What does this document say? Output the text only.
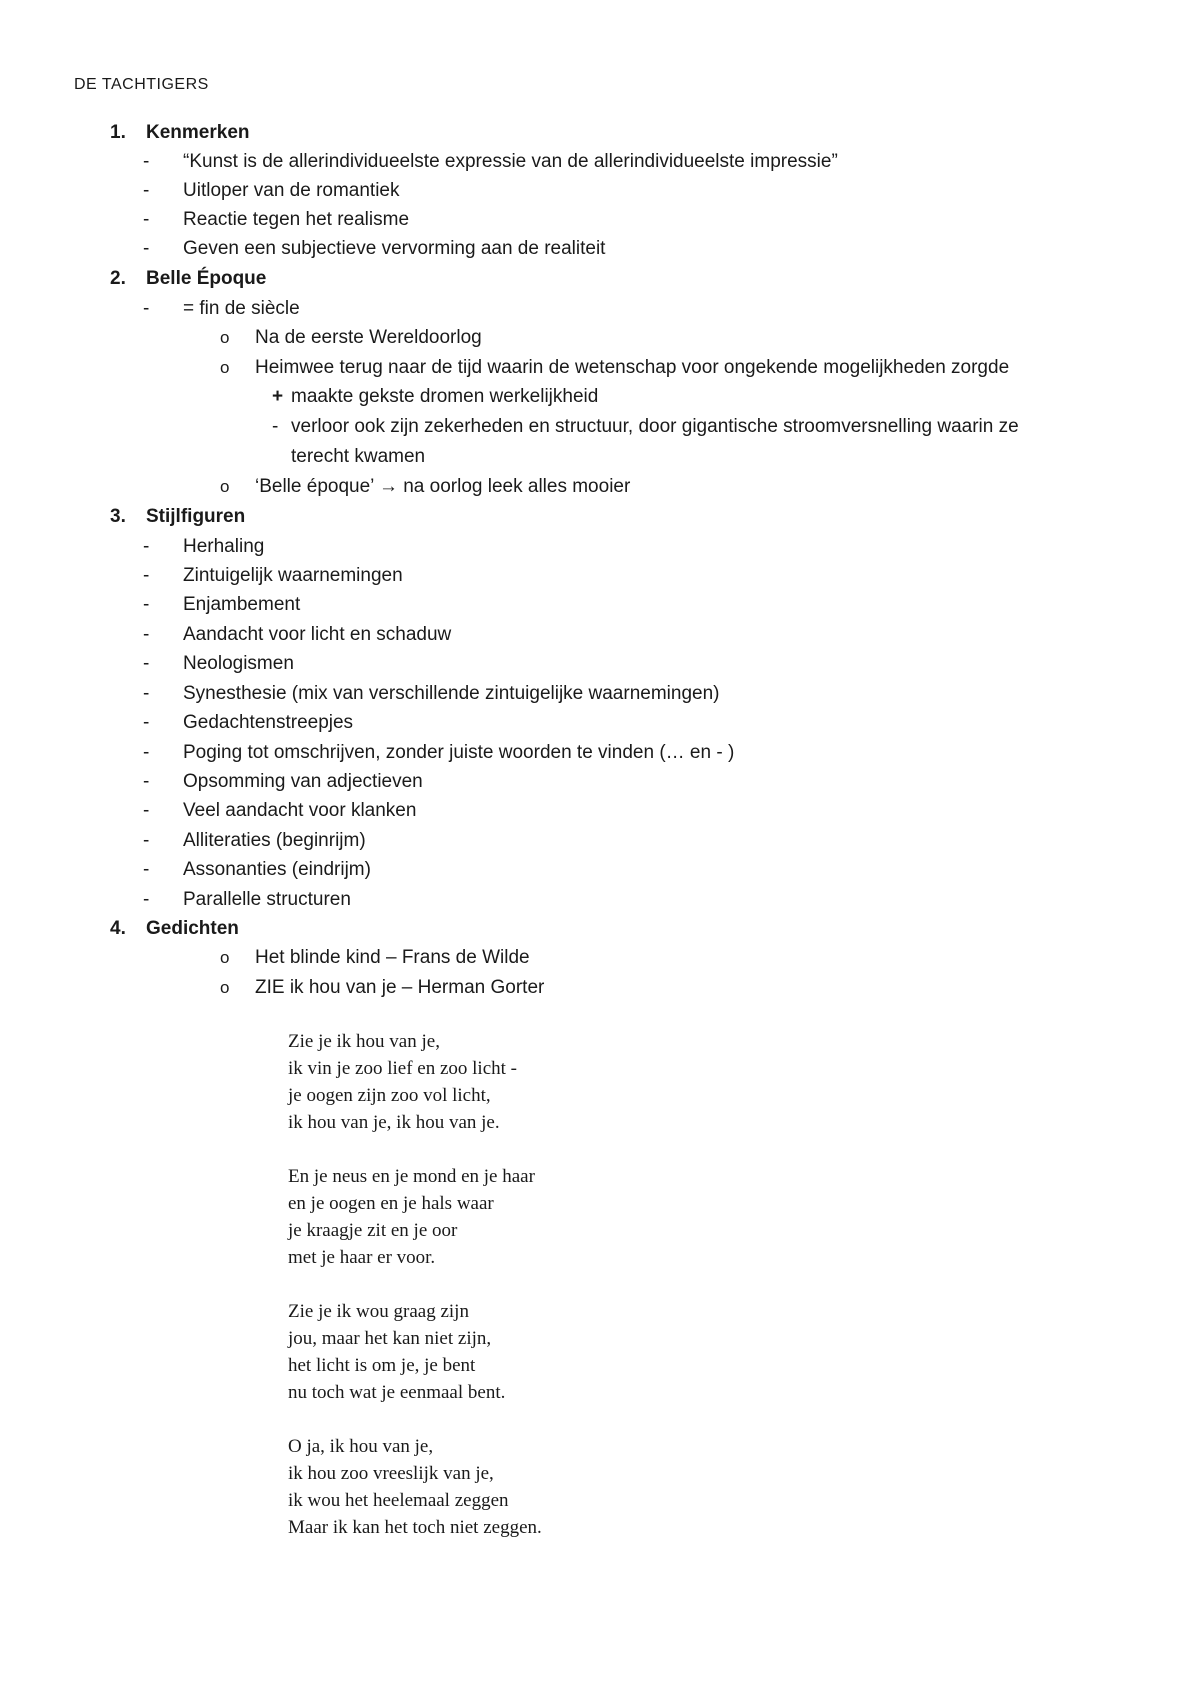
DE TACHTIGERS
1. Kenmerken
- “Kunst is de allerindividueelste expressie van de allerindividueelste impressie”
- Uitloper van de romantiek
- Reactie tegen het realisme
- Geven een subjectieve vervorming aan de realiteit
2. Belle Époque
- = fin de siècle
o Na de eerste Wereldoorlog
o Heimwee terug naar de tijd waarin de wetenschap voor ongekende mogelijkheden zorgde
+ maakte gekste dromen werkelijkheid
- verloor ook zijn zekerheden en structuur, door gigantische stroomversnelling waarin ze
terecht kwamen
o ‘Belle époque’ → na oorlog leek alles mooier
3. Stijlfiguren
- Herhaling
- Zintuigelijk waarnemingen
- Enjambement
- Aandacht voor licht en schaduw
- Neologismen
- Synesthesie (mix van verschillende zintuigelijke waarnemingen)
- Gedachtenstreepjes
- Poging tot omschrijven, zonder juiste woorden te vinden (… en - )
- Opsomming van adjectieven
- Veel aandacht voor klanken
- Alliteraties (beginrijm)
- Assonanties (eindrijm)
- Parallelle structuren
4. Gedichten
o Het blinde kind – Frans de Wilde
o ZIE ik hou van je – Herman Gorter
Zie je ik hou van je,
ik vin je zoo lief en zoo licht -
je oogen zijn zoo vol licht,
ik hou van je, ik hou van je.
En je neus en je mond en je haar
en je oogen en je hals waar
je kraagje zit en je oor
met je haar er voor.
Zie je ik wou graag zijn
jou, maar het kan niet zijn,
het licht is om je, je bent
nu toch wat je eenmaal bent.
O ja, ik hou van je,
ik hou zoo vreeslijk van je,
ik wou het heelemaal zeggen
Maar ik kan het toch niet zeggen.
